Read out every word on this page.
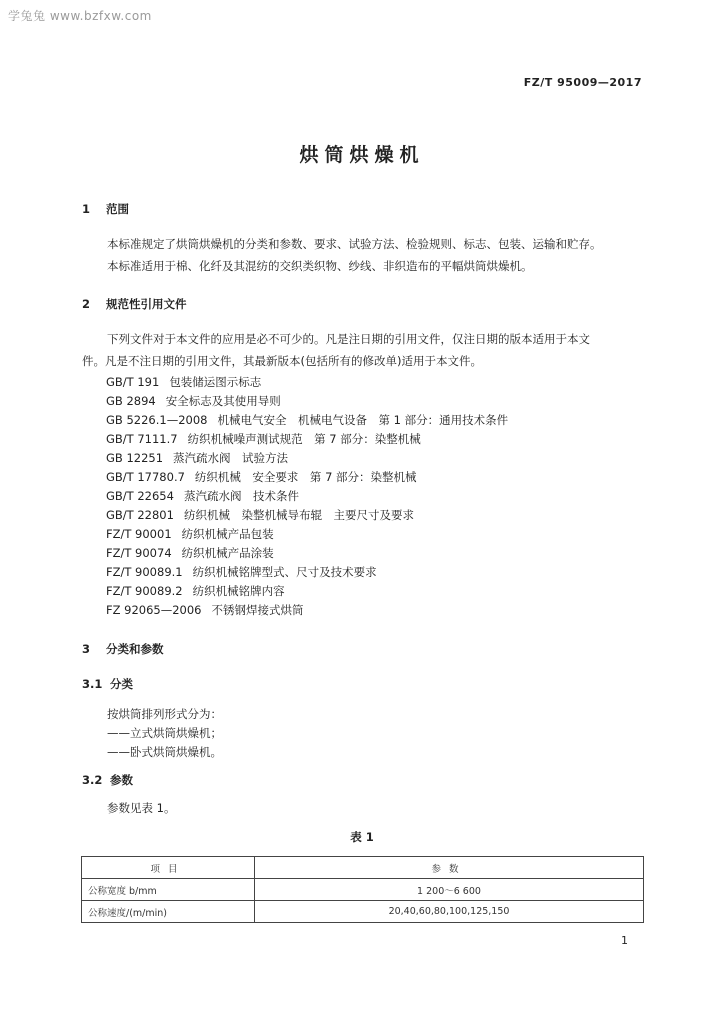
学兔兔 www.bzfxw.com
FZ/T 95009—2017
烘筒烘燥机
1 范围
本标准规定了烘筒烘燥机的分类和参数、要求、试验方法、检验规则、标志、包装、运输和贮存。
本标准适用于棉、化纤及其混纺的交织类织物、纱线、非织造布的平幅烘筒烘燥机。
2 规范性引用文件
下列文件对于本文件的应用是必不可少的。凡是注日期的引用文件，仅注日期的版本适用于本文
件。凡是不注日期的引用文件，其最新版本(包括所有的修改单)适用于本文件。
GB/T 191 包装储运图示标志
GB 2894 安全标志及其使用导则
GB 5226.1—2008 机械电气安全　机械电气设备　第 1 部分：通用技术条件
GB/T 7111.7 纺织机械噪声测试规范　第 7 部分：染整机械
GB 12251 蒸汽疏水阀　试验方法
GB/T 17780.7 纺织机械　安全要求　第 7 部分：染整机械
GB/T 22654 蒸汽疏水阀　技术条件
GB/T 22801 纺织机械　染整机械导布辊　主要尺寸及要求
FZ/T 90001 纺织机械产品包装
FZ/T 90074 纺织机械产品涂装
FZ/T 90089.1 纺织机械铭牌型式、尺寸及技术要求
FZ/T 90089.2 纺织机械铭牌内容
FZ 92065—2006 不锈钢焊接式烘筒
3 分类和参数
3.1 分类
按烘筒排列形式分为：
——立式烘筒烘燥机；
——卧式烘筒烘燥机。
3.2 参数
参数见表 1。
表 1
项目	参数
公称宽度 b/mm	1 200～6 600
公称速度/(m/min)	20,40,60,80,100,125,150
1
